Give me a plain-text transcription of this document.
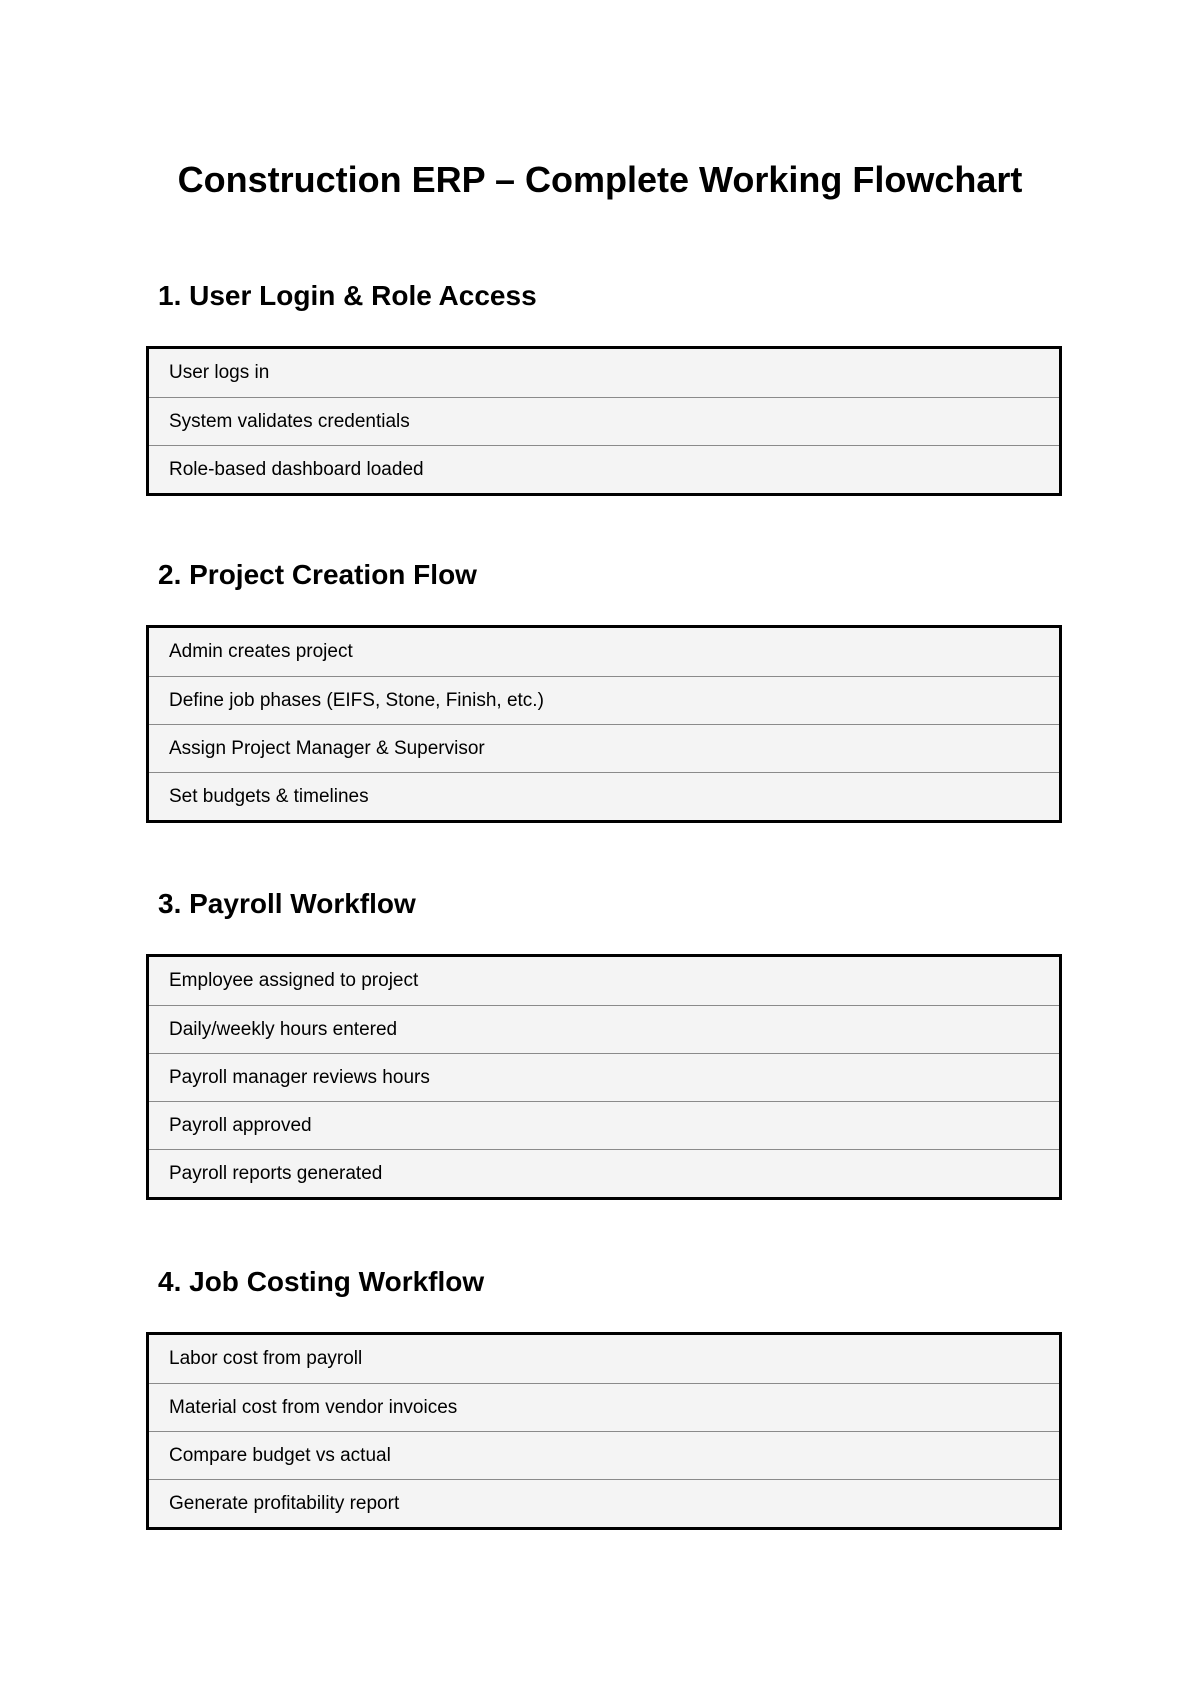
Construction ERP – Complete Working Flowchart
1. User Login & Role Access
User logs in
System validates credentials
Role-based dashboard loaded
2. Project Creation Flow
Admin creates project
Define job phases (EIFS, Stone, Finish, etc.)
Assign Project Manager & Supervisor
Set budgets & timelines
3. Payroll Workflow
Employee assigned to project
Daily/weekly hours entered
Payroll manager reviews hours
Payroll approved
Payroll reports generated
4. Job Costing Workflow
Labor cost from payroll
Material cost from vendor invoices
Compare budget vs actual
Generate profitability report
